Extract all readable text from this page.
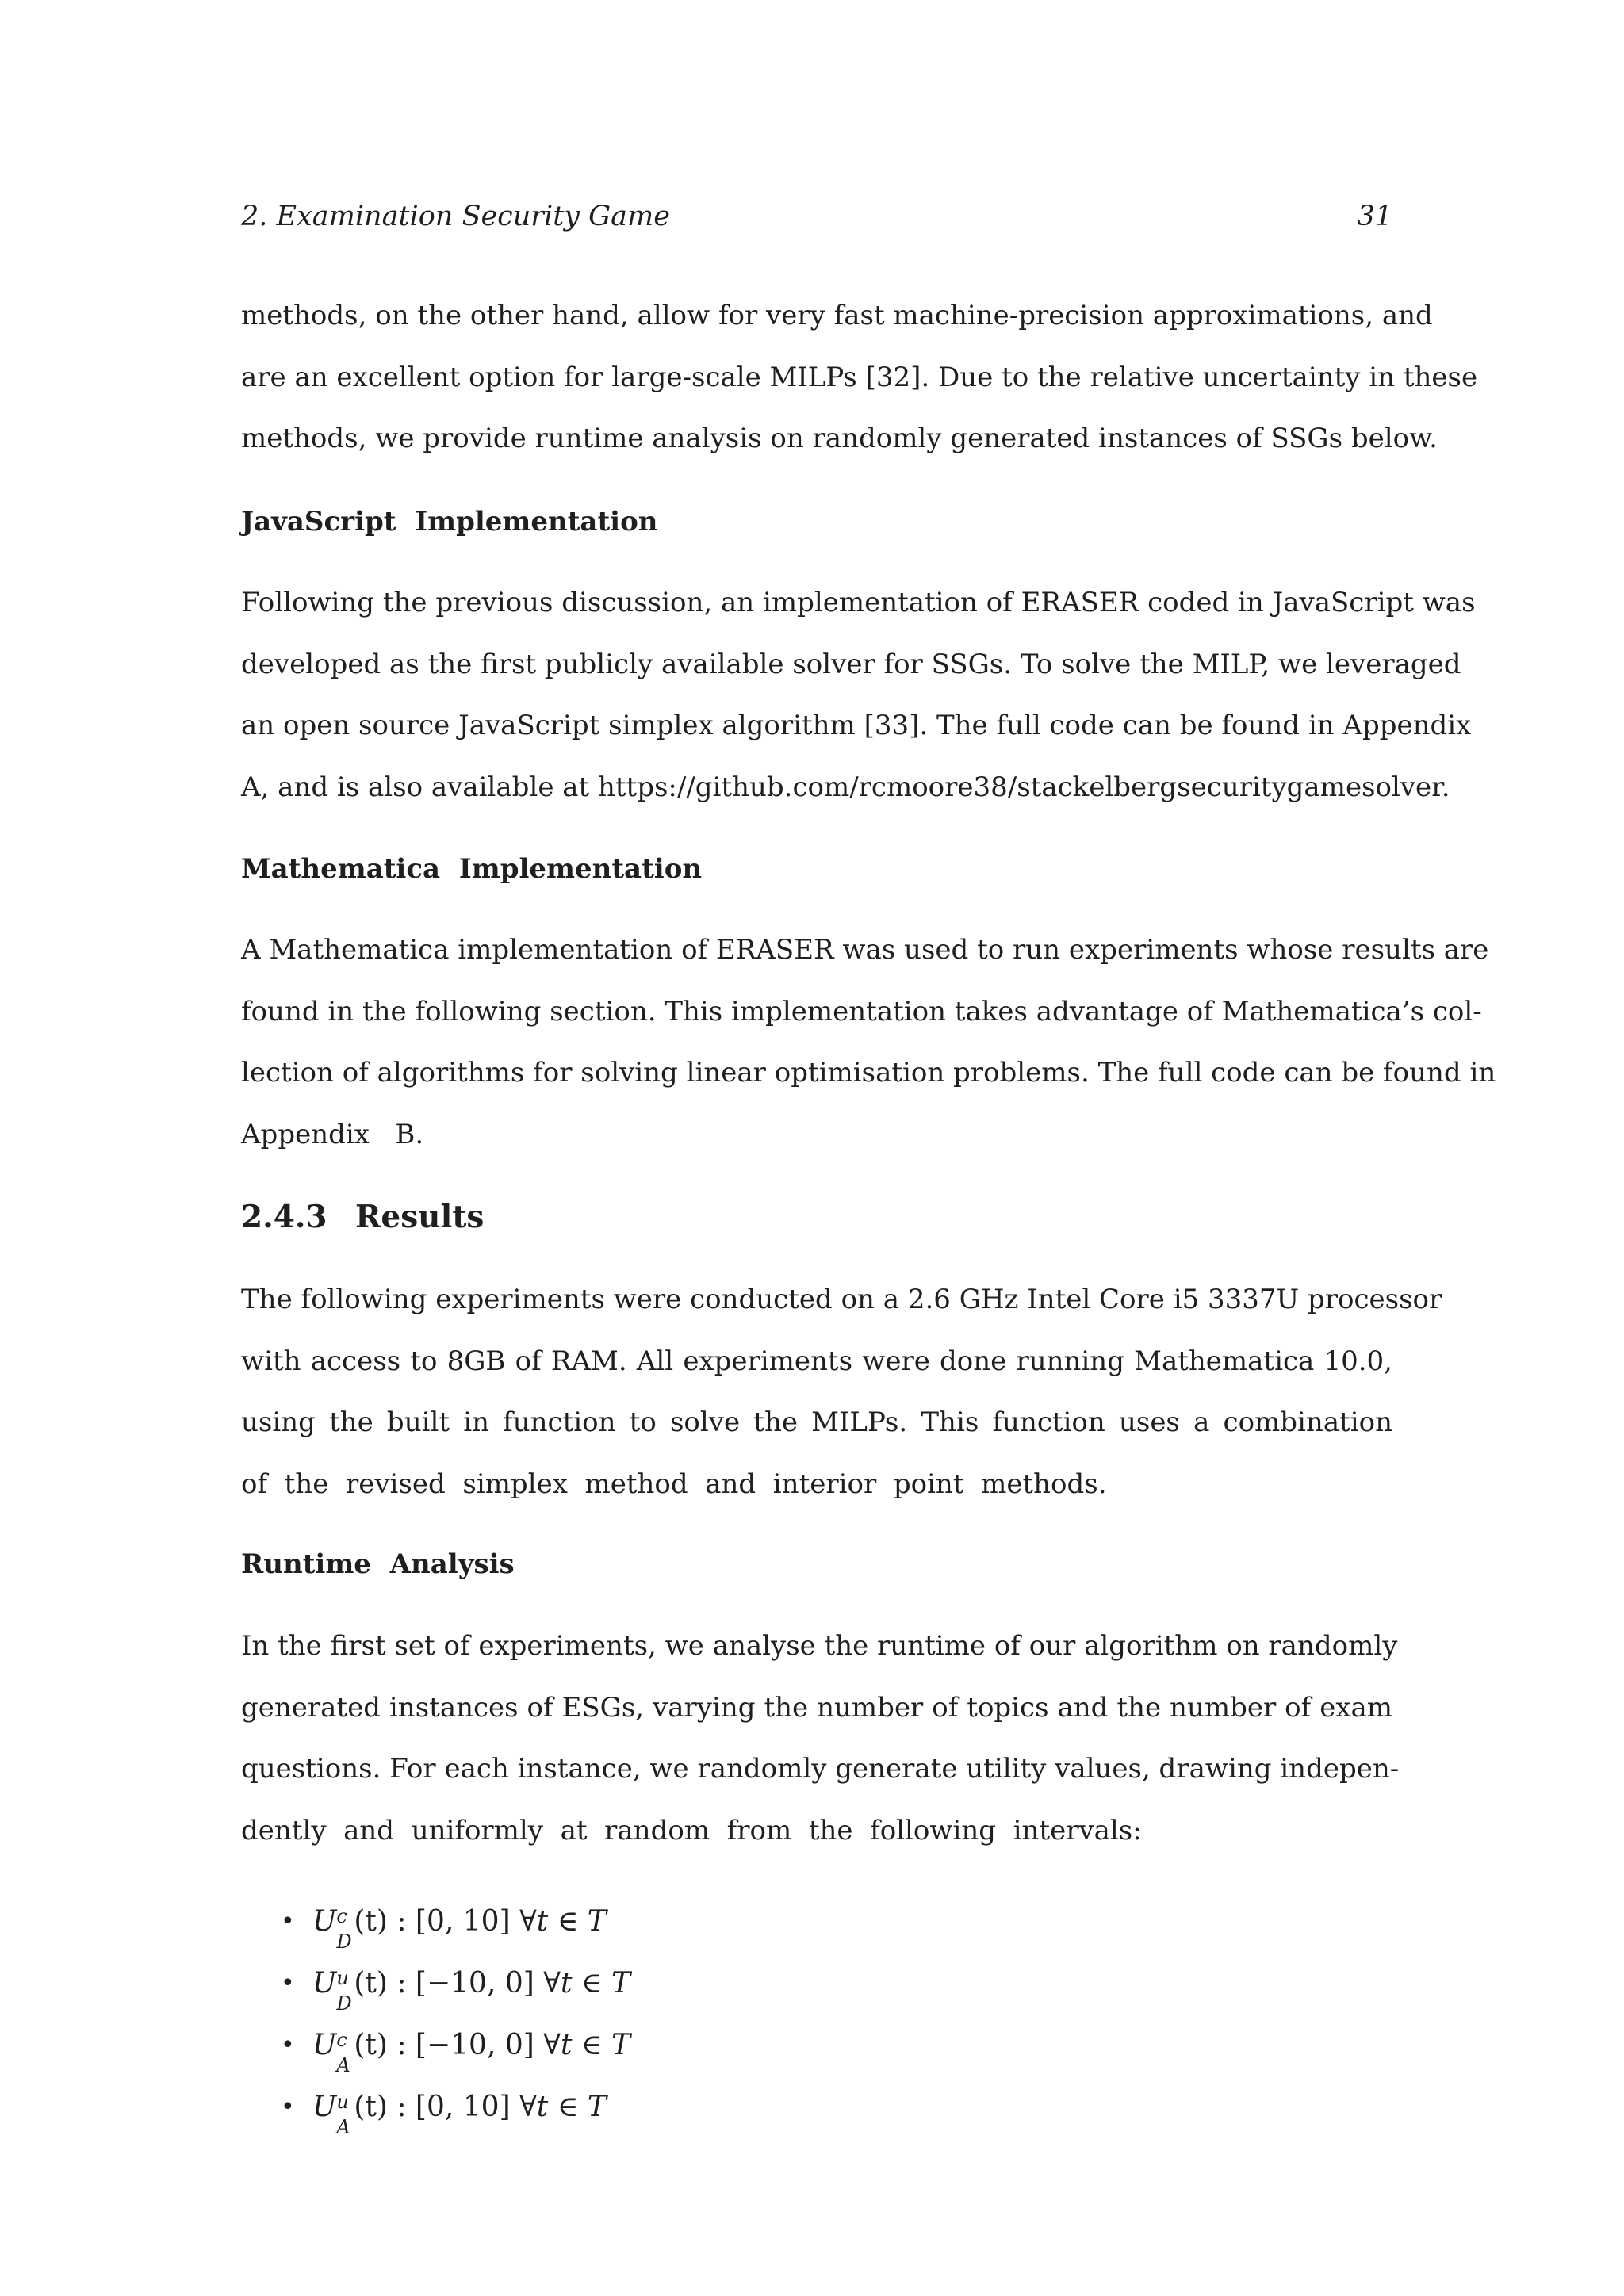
2. Examination Security Game	31
methods, on the other hand, allow for very fast machine-precision approximations, and
are an excellent option for large-scale MILPs [32]. Due to the relative uncertainty in these
methods, we provide runtime analysis on randomly generated instances of SSGs below.
JavaScript Implementation
Following the previous discussion, an implementation of ERASER coded in JavaScript was
developed as the first publicly available solver for SSGs. To solve the MILP, we leveraged
an open source JavaScript simplex algorithm [33]. The full code can be found in Appendix
A, and is also available at https://github.com/rcmoore38/stackelbergsecuritygamesolver.
Mathematica Implementation
A Mathematica implementation of ERASER was used to run experiments whose results are
found in the following section. This implementation takes advantage of Mathematica’s col-
lection of algorithms for solving linear optimisation problems. The full code can be found in
Appendix   B.
2.4.3 Results
The following experiments were conducted on a 2.6 GHz Intel Core i5 3337U processor
with access to 8GB of RAM. All experiments were done running Mathematica 10.0,
using the built in function to solve the MILPs. This function uses a combination
of  the  revised  simplex  method  and  interior  point  methods.
Runtime Analysis
In the first set of experiments, we analyse the runtime of our algorithm on randomly
generated instances of ESGs, varying the number of topics and the number of exam
questions. For each instance, we randomly generate utility values, drawing indepen-
dently  and  uniformly  at  random  from  the  following  intervals:
• U c
D
(t) : [0, 10] ∀t ∈ T
• U u
D
(t) : [−10, 0] ∀t ∈ T
• U c
A
(t) : [−10, 0] ∀t ∈ T
• U u
A
(t) : [0, 10] ∀t ∈ T
